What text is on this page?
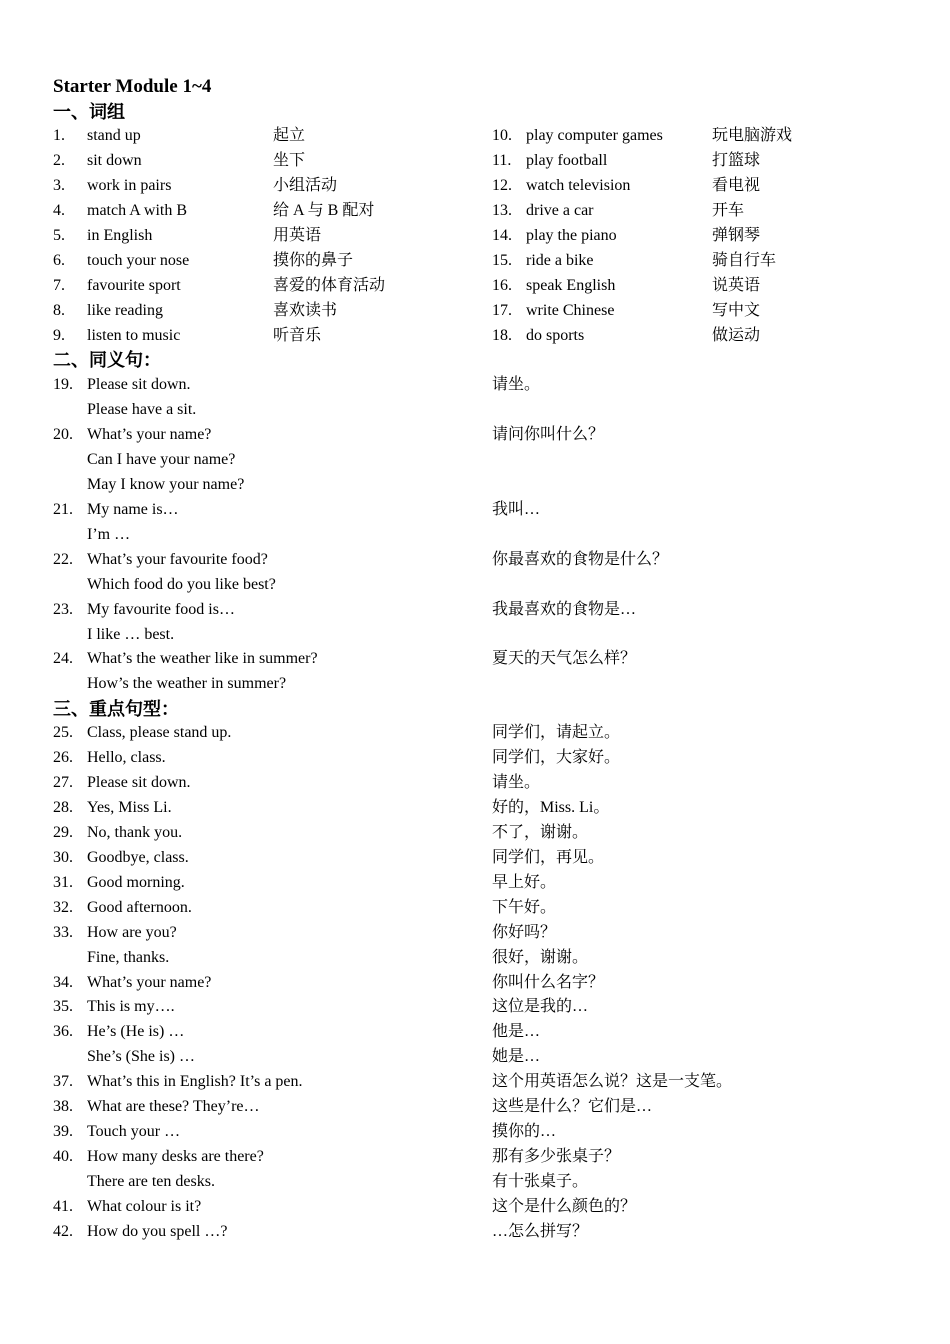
Starter Module 1~4
一、词组
二、同义句：
三、重点句型：
1. stand up	起立
2. sit down	坐下
3. work in pairs	小组活动
4. match A with B	给 A 与 B 配对
5. in English	用英语
6. touch your nose	摸你的鼻子
7. favourite sport	喜爱的体育活动
8. like reading	喜欢读书
9. listen to music	听音乐
10. play computer games	玩电脑游戏
11. play football	打篮球
12. watch television	看电视
13. drive a car	开车
14. play the piano	弹钢琴
15. ride a bike	骑自行车
16. speak English	说英语
17. write Chinese	写中文
18. do sports	做运动
19. Please sit down.	请坐。
Please have a sit.
20. What’s your name?	请问你叫什么？
Can I have your name?
May I know your name?
21. My name is…	我叫…
I’m …
22. What’s your favourite food?	你最喜欢的食物是什么？
Which food do you like best?
23. My favourite food is…	我最喜欢的食物是…
I like … best.
24. What’s the weather like in summer?	夏天的天气怎么样？
How’s the weather in summer?
25. Class, please stand up.	同学们，请起立。
26. Hello, class.	同学们，大家好。
27. Please sit down.	请坐。
28. Yes, Miss Li.	好的，Miss. Li。
29. No, thank you.	不了，谢谢。
30. Goodbye, class.	同学们，再见。
31. Good morning.	早上好。
32. Good afternoon.	下午好。
33. How are you?	你好吗？
Fine, thanks.	很好，谢谢。
34. What’s your name?	你叫什么名字？
35. This is my….	这位是我的…
36. He’s (He is) …	他是…
She’s (She is) …	她是…
37. What’s this in English? It’s a pen.	这个用英语怎么说？这是一支笔。
38. What are these? They’re…	这些是什么？它们是…
39. Touch your …	摸你的…
40. How many desks are there?	那有多少张桌子？
There are ten desks.	有十张桌子。
41. What colour is it?	这个是什么颜色的？
42. How do you spell …?	…怎么拼写？
